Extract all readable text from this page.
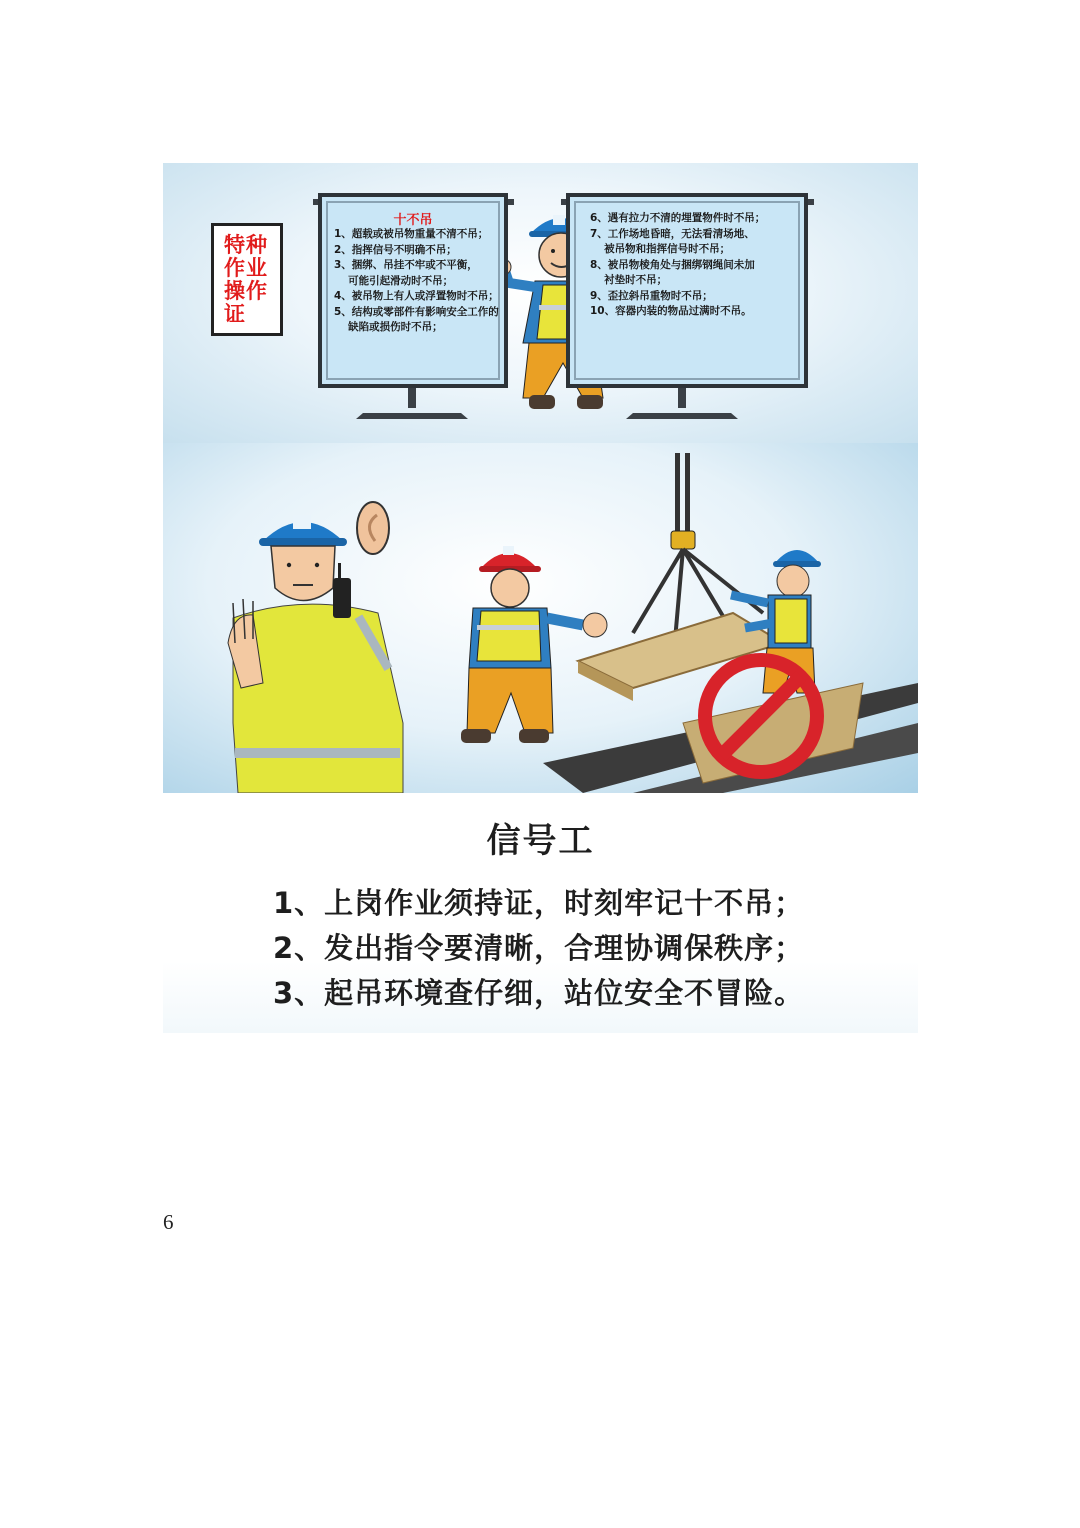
特种
作业
操作
证
十不吊
1、超载或被吊物重量不清不吊；
2、指挥信号不明确不吊；
3、捆绑、吊挂不牢或不平衡，
　 可能引起滑动时不吊；
4、被吊物上有人或浮置物时不吊；
5、结构或零部件有影响安全工作的
　 缺陷或损伤时不吊；
6、遇有拉力不清的埋置物件时不吊；
7、工作场地昏暗，无法看清场地、
　 被吊物和指挥信号时不吊；
8、被吊物棱角处与捆绑钢绳间未加
　 衬垫时不吊；
9、歪拉斜吊重物时不吊；
10、容器内装的物品过满时不吊。
信号工
1、上岗作业须持证，时刻牢记十不吊；
2、发出指令要清晰，合理协调保秩序；
3、起吊环境查仔细，站位安全不冒险。
6
